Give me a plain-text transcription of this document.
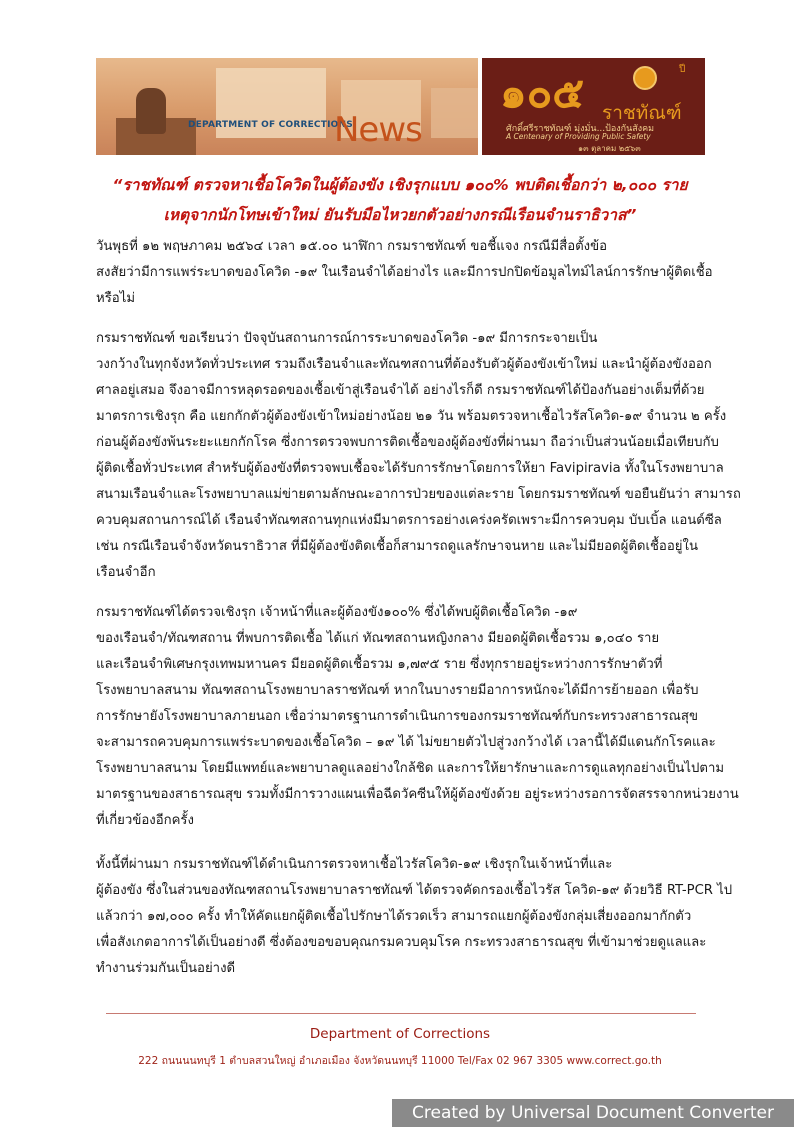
DEPARTMENT OF CORRECTIONS
News
๑๐๕	ปี
ราชทัณฑ์
ศักดิ์ศรีราชทัณฑ์ มุ่งมั่น...ป้องกันสังคม
A Centenary of Providing Public Safety
๑๓ ตุลาคม ๒๕๖๓
“ราชทัณฑ์ ตรวจหาเชื้อโควิดในผู้ต้องขัง เชิงรุกแบบ ๑๐๐% พบติดเชื้อกว่า ๒,๐๐๐ ราย
เหตุจากนักโทษเข้าใหม่ ยันรับมือไหวยกตัวอย่างกรณีเรือนจำนราธิวาส”

วันพุธที่ ๑๒ พฤษภาคม ๒๕๖๔ เวลา ๑๕.๐๐ นาฬิกา กรมราชทัณฑ์ ขอชี้แจง กรณีมีสื่อตั้งข้อ

สงสัยว่ามีการแพร่ระบาดของโควิด -๑๙ ในเรือนจำได้อย่างไร และมีการปกปิดข้อมูลไทม์ไลน์การรักษาผู้ติดเชื้อ

หรือไม่

กรมราชทัณฑ์ ขอเรียนว่า ปัจจุบันสถานการณ์การระบาดของโควิด -๑๙ มีการกระจายเป็น

วงกว้างในทุกจังหวัดทั่วประเทศ รวมถึงเรือนจำและทัณฑสถานที่ต้องรับตัวผู้ต้องขังเข้าใหม่ และนำผู้ต้องขังออก

ศาลอยู่เสมอ จึงอาจมีการหลุดรอดของเชื้อเข้าสู่เรือนจำได้ อย่างไรก็ดี กรมราชทัณฑ์ได้ป้องกันอย่างเต็มที่ด้วย

มาตรการเชิงรุก คือ แยกกักตัวผู้ต้องขังเข้าใหม่อย่างน้อย ๒๑ วัน พร้อมตรวจหาเชื้อไวรัสโควิด-๑๙ จำนวน ๒ ครั้ง

ก่อนผู้ต้องขังพ้นระยะแยกกักโรค ซึ่งการตรวจพบการติดเชื้อของผู้ต้องขังที่ผ่านมา ถือว่าเป็นส่วนน้อยเมื่อเทียบกับ

ผู้ติดเชื้อทั่วประเทศ สำหรับผู้ต้องขังที่ตรวจพบเชื้อจะได้รับการรักษาโดยการให้ยา Favipiravia ทั้งในโรงพยาบาล

สนามเรือนจำและโรงพยาบาลแม่ข่ายตามลักษณะอาการป่วยของแต่ละราย โดยกรมราชทัณฑ์ ขอยืนยันว่า สามารถ

ควบคุมสถานการณ์ได้ เรือนจำทัณฑสถานทุกแห่งมีมาตรการอย่างเคร่งครัดเพราะมีการควบคุม บับเบิ้ล แอนด์ซีล

เช่น กรณีเรือนจำจังหวัดนราธิวาส ที่มีผู้ต้องขังติดเชื้อก็สามารถดูแลรักษาจนหาย และไม่มียอดผู้ติดเชื้ออยู่ใน

เรือนจำอีก

กรมราชทัณฑ์ได้ตรวจเชิงรุก เจ้าหน้าที่และผู้ต้องขัง๑๐๐% ซึ่งได้พบผู้ติดเชื้อโควิด -๑๙

ของเรือนจำ/ทัณฑสถาน ที่พบการติดเชื้อ ได้แก่ ทัณฑสถานหญิงกลาง มียอดผู้ติดเชื้อรวม ๑,๐๔๐ ราย

และเรือนจำพิเศษกรุงเทพมหานคร มียอดผู้ติดเชื้อรวม ๑,๗๙๕ ราย ซึ่งทุกรายอยู่ระหว่างการรักษาตัวที่

โรงพยาบาลสนาม ทัณฑสถานโรงพยาบาลราชทัณฑ์ หากในบางรายมีอาการหนักจะได้มีการย้ายออก เพื่อรับ

การรักษายังโรงพยาบาลภายนอก เชื่อว่ามาตรฐานการดำเนินการของกรมราชทัณฑ์กับกระทรวงสาธารณสุข

จะสามารถควบคุมการแพร่ระบาดของเชื้อโควิด – ๑๙ ได้ ไม่ขยายตัวไปสู่วงกว้างได้ เวลานี้ได้มีแดนกักโรคและ

โรงพยาบาลสนาม โดยมีแพทย์และพยาบาลดูแลอย่างใกล้ชิด และการให้ยารักษาและการดูแลทุกอย่างเป็นไปตาม

มาตรฐานของสาธารณสุข รวมทั้งมีการวางแผนเพื่อฉีดวัคซีนให้ผู้ต้องขังด้วย อยู่ระหว่างรอการจัดสรรจากหน่วยงาน

ที่เกี่ยวข้องอีกครั้ง

ทั้งนี้ที่ผ่านมา กรมราชทัณฑ์ได้ดำเนินการตรวจหาเชื้อไวรัสโควิด-๑๙ เชิงรุกในเจ้าหน้าที่และ

ผู้ต้องขัง ซึ่งในส่วนของทัณฑสถานโรงพยาบาลราชทัณฑ์ ได้ตรวจคัดกรองเชื้อไวรัส โควิด-๑๙ ด้วยวิธี RT-PCR ไป

แล้วกว่า ๑๗,๐๐๐ ครั้ง ทำให้คัดแยกผู้ติดเชื้อไปรักษาได้รวดเร็ว สามารถแยกผู้ต้องขังกลุ่มเสี่ยงออกมากักตัว

เพื่อสังเกตอาการได้เป็นอย่างดี ซึ่งต้องขอขอบคุณกรมควบคุมโรค กระทรวงสาธารณสุข ที่เข้ามาช่วยดูแลและ

ทำงานร่วมกันเป็นอย่างดี

Department of Corrections
222 ถนนนนทบุรี 1 ตำบลสวนใหญ่ อำเภอเมือง จังหวัดนนทบุรี 11000 Tel/Fax 02 967 3305 www.correct.go.th
Created by Universal Document Converter
